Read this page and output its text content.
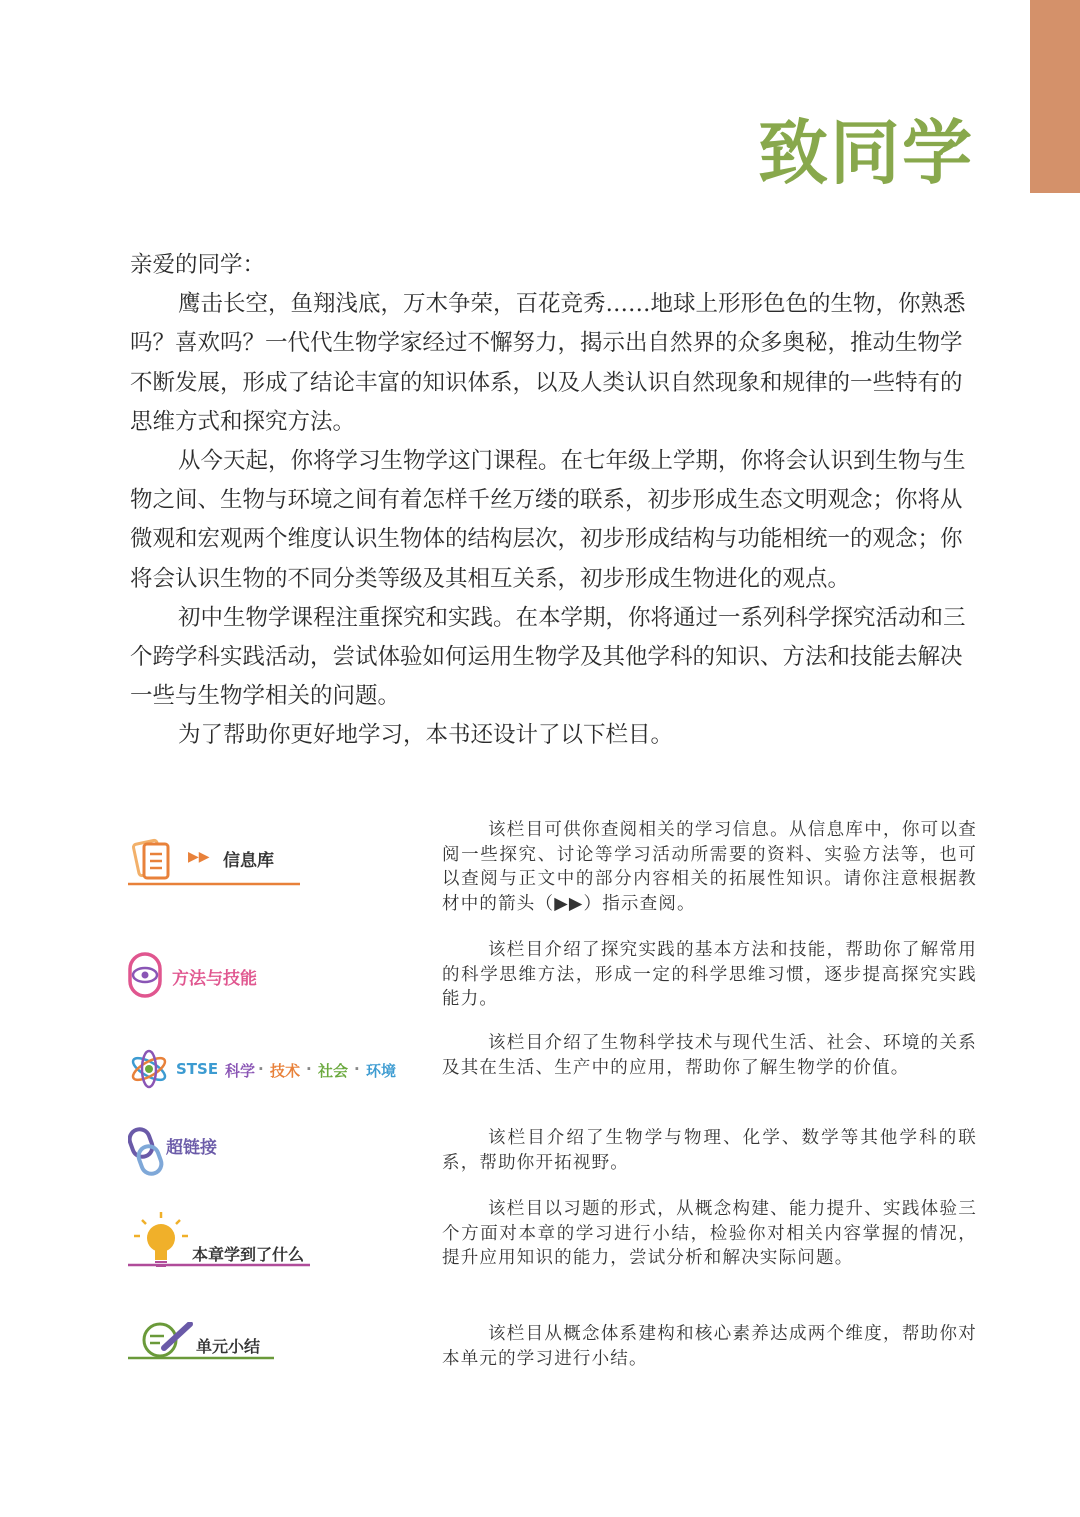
致同学

亲爱的同学：

鹰击长空，鱼翔浅底，万木争荣，百花竞秀……地球上形形色色的生物，你熟悉吗？喜欢吗？一代代生物学家经过不懈努力，揭示出自然界的众多奥秘，推动生物学不断发展，形成了结论丰富的知识体系，以及人类认识自然现象和规律的一些特有的思维方式和探究方法。

从今天起，你将学习生物学这门课程。在七年级上学期，你将会认识到生物与生物之间、生物与环境之间有着怎样千丝万缕的联系，初步形成生态文明观念；你将从微观和宏观两个维度认识生物体的结构层次，初步形成结构与功能相统一的观念；你将会认识生物的不同分类等级及其相互关系，初步形成生物进化的观点。

初中生物学课程注重探究和实践。在本学期，你将通过一系列科学探究活动和三个跨学科实践活动，尝试体验如何运用生物学及其他学科的知识、方法和技能去解决一些与生物学相关的问题。

为了帮助你更好地学习，本书还设计了以下栏目。

▶▶ 信息库

该栏目可供你查阅相关的学习信息。从信息库中，你可以查阅一些探究、讨论等学习活动所需要的资料、实验方法等，也可以查阅与正文中的部分内容相关的拓展性知识。请你注意根据教材中的箭头（▶▶）指示查阅。

方法与技能

该栏目介绍了探究实践的基本方法和技能，帮助你了解常用的科学思维方法，形成一定的科学思维习惯，逐步提高探究实践能力。

STSE 科学 · 技术 · 社会 · 环境

该栏目介绍了生物科学技术与现代生活、社会、环境的关系及其在生活、生产中的应用，帮助你了解生物学的价值。

超链接	该栏目介绍了生物学与物理、化学、数学等其他学科的联系，帮助你开拓视野。

本章学到了什么

该栏目以习题的形式，从概念构建、能力提升、实践体验三个方面对本章的学习进行小结，检验你对相关内容掌握的情况，提升应用知识的能力，尝试分析和解决实际问题。

单元小结

该栏目从概念体系建构和核心素养达成两个维度，帮助你对本单元的学习进行小结。
